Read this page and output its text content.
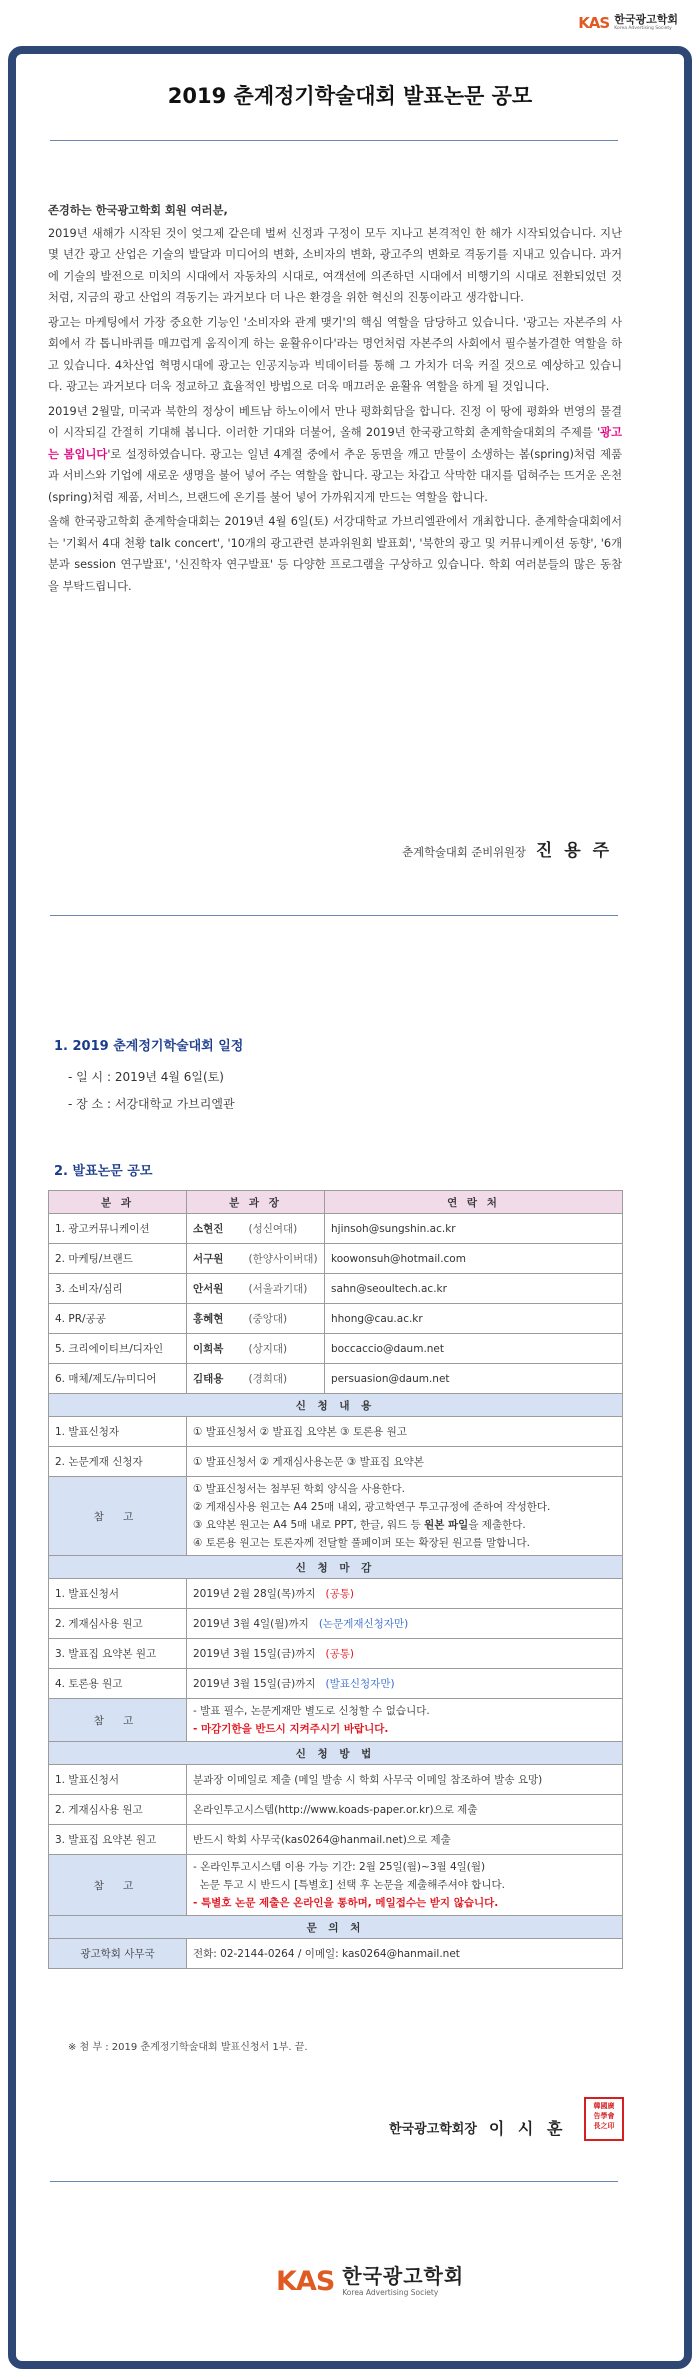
KAS 한국광고학회
Korea Advertising Society
2019 춘계정기학술대회 발표논문 공모

존경하는 한국광고학회 회원 여러분,

2019년 새해가 시작된 것이 엊그제 같은데 벌써 신정과 구정이 모두 지나고 본격적인 한 해가 시작되었습니다. 지난 몇 년간 광고 산업은 기술의 발달과 미디어의 변화, 소비자의 변화, 광고주의 변화로 격동기를 지내고 있습니다. 과거에 기술의 발전으로 미치의 시대에서 자동차의 시대로, 여객선에 의존하던 시대에서 비행기의 시대로 전환되었던 것처럼, 지금의 광고 산업의 격동기는 과거보다 더 나은 환경을 위한 혁신의 진통이라고 생각합니다.

광고는 마케팅에서 가장 중요한 기능인 '소비자와 관계 맺기'의 핵심 역할을 담당하고 있습니다. '광고는 자본주의 사회에서 각 톱니바퀴를 매끄럽게 움직이게 하는 윤활유이다'라는 명언처럼 자본주의 사회에서 필수불가결한 역할을 하고 있습니다. 4차산업 혁명시대에 광고는 인공지능과 빅데이터를 통해 그 가치가 더욱 커질 것으로 예상하고 있습니다. 광고는 과거보다 더욱 정교하고 효율적인 방법으로 더욱 매끄러운 윤활유 역할을 하게 될 것입니다.

2019년 2월말, 미국과 북한의 정상이 베트남 하노이에서 만나 평화회담을 합니다. 진정 이 땅에 평화와 번영의 물결이 시작되길 간절히 기대해 봅니다. 이러한 기대와 더불어, 올해 2019년 한국광고학회 춘계학술대회의 주제를 '광고는 봄입니다'로 설정하였습니다. 광고는 일년 4계절 중에서 추운 동면을 깨고 만물이 소생하는 봄(spring)처럼 제품과 서비스와 기업에 새로운 생명을 불어 넣어 주는 역할을 합니다. 광고는 차갑고 삭막한 대지를 덥혀주는 뜨거운 온천(spring)처럼 제품, 서비스, 브랜드에 온기를 불어 넣어 가까워지게 만드는 역할을 합니다.

올해 한국광고학회 춘계학술대회는 2019년 4월 6일(토) 서강대학교 가브리엘관에서 개최합니다. 춘계학술대회에서는 '기획서 4대 천황 talk concert', '10개의 광고관련 분과위원회 발표회', '북한의 광고 및 커뮤니케이션 동향', '6개분과 session 연구발표', '신진학자 연구발표' 등 다양한 프로그램을 구상하고 있습니다. 학회 여러분들의 많은 동참을 부탁드립니다.

춘계학술대회 준비위원장 진 용 주
1. 2019 춘계정기학술대회 일정
- 일 시 : 2019년 4월 6일(토)
- 장 소 : 서강대학교 가브리엘관
2. 발표논문 공모
분 과	분 과 장		연 락 처
1. 광고커뮤니케이션	소현진	(성신여대)	hjinsoh@sungshin.ac.kr
2. 마케팅/브랜드	서구원	(한양사이버대)	koowonsuh@hotmail.com
3. 소비자/심리	안서원	(서울과기대)	sahn@seoultech.ac.kr
4. PR/공공	홍혜현	(중앙대)	hhong@cau.ac.kr
5. 크리에이티브/디자인	이희복	(상지대)	boccaccio@daum.net
6. 매체/제도/뉴미디어	김태용	(경희대)	persuasion@daum.net
신 청 내 용			
1. 발표신청자	① 발표신청서 ② 발표집 요약본 ③ 토론용 원고		
2. 논문게재 신청자	① 발표신청서 ② 게재심사용논문 ③ 발표집 요약본		
참 고	① 발표신청서는 첨부된 학회 양식을 사용한다.
② 게재심사용 원고는 A4 25매 내외, 광고학연구 투고규정에 준하여 작성한다.
③ 요약본 원고는 A4 5매 내로 PPT, 한글, 워드 등 원본 파일을 제출한다.
④ 토론용 원고는 토론자께 전달할 풀페이퍼 또는 확장된 원고를 말합니다.		

신 청 마 감			
1. 발표신청서	2019년 2월 28일(목)까지 (공통)		
2. 게재심사용 원고	2019년 3월 4일(월)까지 (논문게재신청자만)		
3. 발표집 요약본 원고	2019년 3월 15일(금)까지 (공통)		
4. 토론용 원고	2019년 3월 15일(금)까지 (발표신청자만)		
참 고	- 발표 필수, 논문게재만 별도로 신청할 수 없습니다.
- 마감기한을 반드시 지켜주시기 바랍니다.		

신 청 방 법			
1. 발표신청서	분과장 이메일로 제출 (메일 발송 시 학회 사무국 이메일 참조하여 발송 요망)		
2. 게재심사용 원고	온라인투고시스템(http://www.koads-paper.or.kr)으로 제출		
3. 발표집 요약본 원고	반드시 학회 사무국(kas0264@hanmail.net)으로 제출		
참 고	- 온라인투고시스템 이용 가능 기간: 2월 25일(월)~3월 4일(월)
논문 투고 시 반드시 [특별호] 선택 후 논문을 제출해주셔야 합니다.
- 특별호 논문 제출은 온라인을 통하며, 메일접수는 받지 않습니다.		

문 의 처			
광고학회 사무국	전화: 02-2144-0264 / 이메일: kas0264@hanmail.net		
※ 첨 부 : 2019 춘계정기학술대회 발표신청서 1부. 끝.
한국광고학회장 이 시 훈
韓國廣
告學會
長之印
KAS 한국광고학회
Korea Advertising Society
